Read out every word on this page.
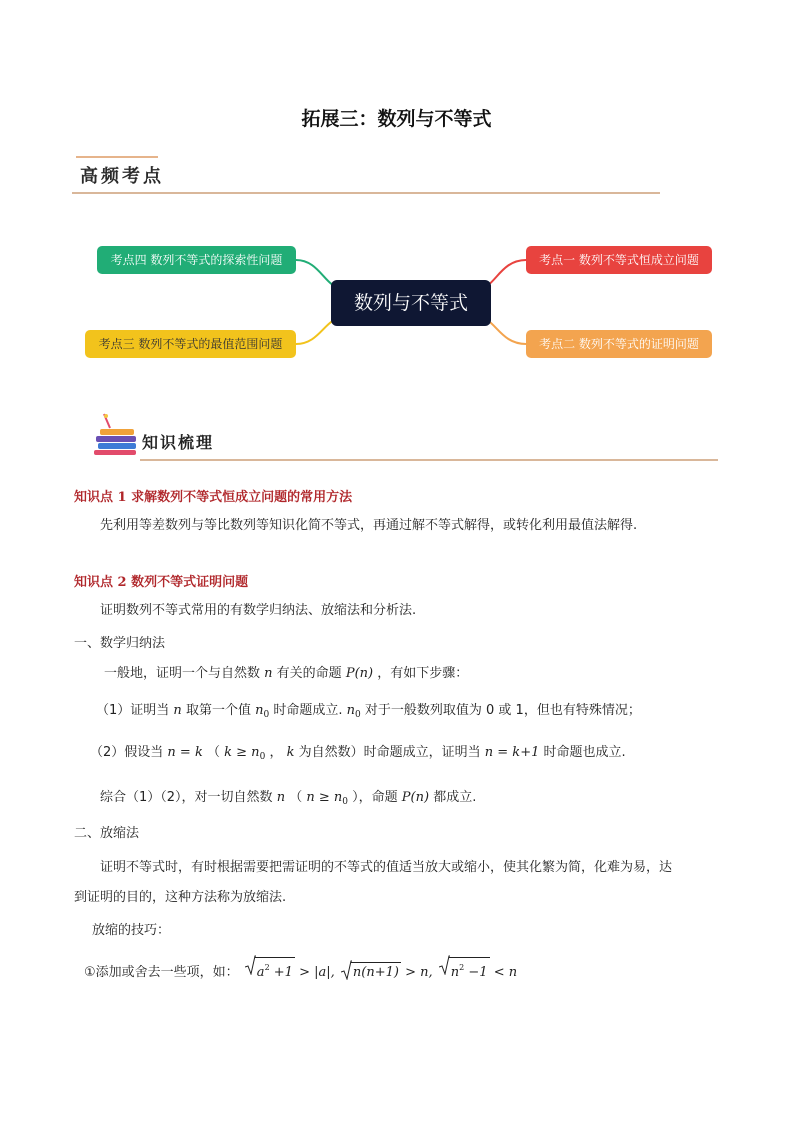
拓展三：数列与不等式
高频考点
考点四 数列不等式的探索性问题
考点三 数列不等式的最值范围问题
数列与不等式
考点一 数列不等式恒成立问题
考点二 数列不等式的证明问题
知识梳理
知识点 1 求解数列不等式恒成立问题的常用方法
先利用等差数列与等比数列等知识化简不等式，再通过解不等式解得，或转化利用最值法解得.
知识点 2 数列不等式证明问题
证明数列不等式常用的有数学归纳法、放缩法和分析法.
一、数学归纳法
一般地，证明一个与自然数 n 有关的命题 P(n) ，有如下步骤：
（1）证明当 n 取第一个值 $n_0$ 时命题成立. $n_0$ 对于一般数列取值为 0 或 1，但也有特殊情况；
（2）假设当 n = k （ $k \ge n_0$ ， k 为自然数）时命题成立，证明当 n = k+1 时命题也成立.
综合（1）（2），对一切自然数 n （ $n \ge n_0$ ），命题 P(n) 都成立.
二、放缩法
证明不等式时，有时根据需要把需证明的不等式的值适当放大或缩小，使其化繁为简，化难为易，达
到证明的目的，这种方法称为放缩法.
放缩的技巧：
①添加或舍去一些项，如： $a^2 +1 > |a|$, n(n+1) > n, $n^2 -1 < n$
